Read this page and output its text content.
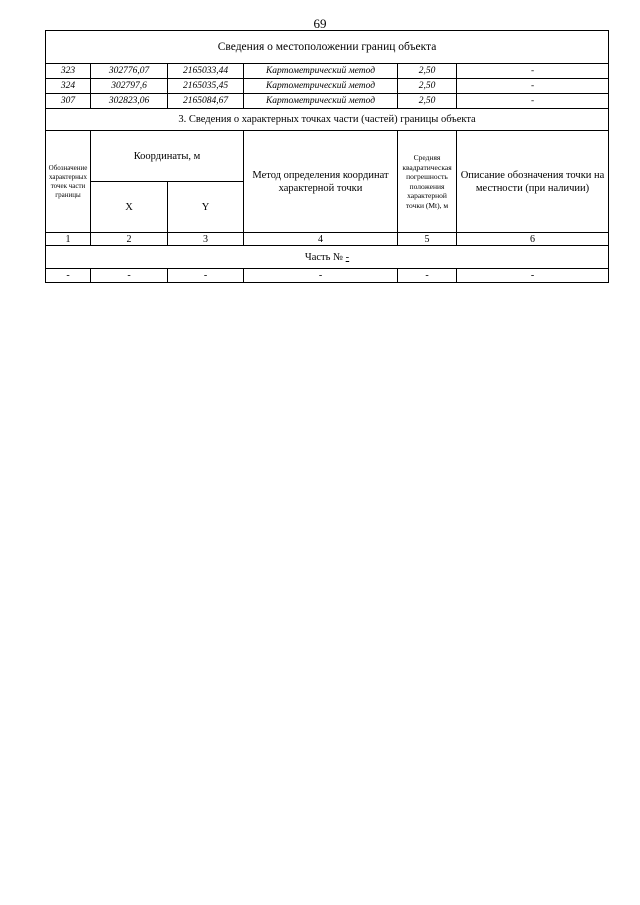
69
Сведения о местоположении границ объекта					
323	302776,07	2165033,44	Картометрический метод	2,50	-
324	302797,6	2165035,45	Картометрический метод	2,50	-
307	302823,06	2165084,67	Картометрический метод	2,50	-
3. Сведения о характерных точках части (частей) границы объекта					
Обозначение характерных точек части границы	Координаты, м		Метод определения координат характерной точки	Средняя квадратическая погрешность положения характерной точки (Mt), м	Описание обозначения точки на местности (при наличии)
	X	Y			
1	2	3	4	5	6
Часть № -					
-	-	-	-	-	-
